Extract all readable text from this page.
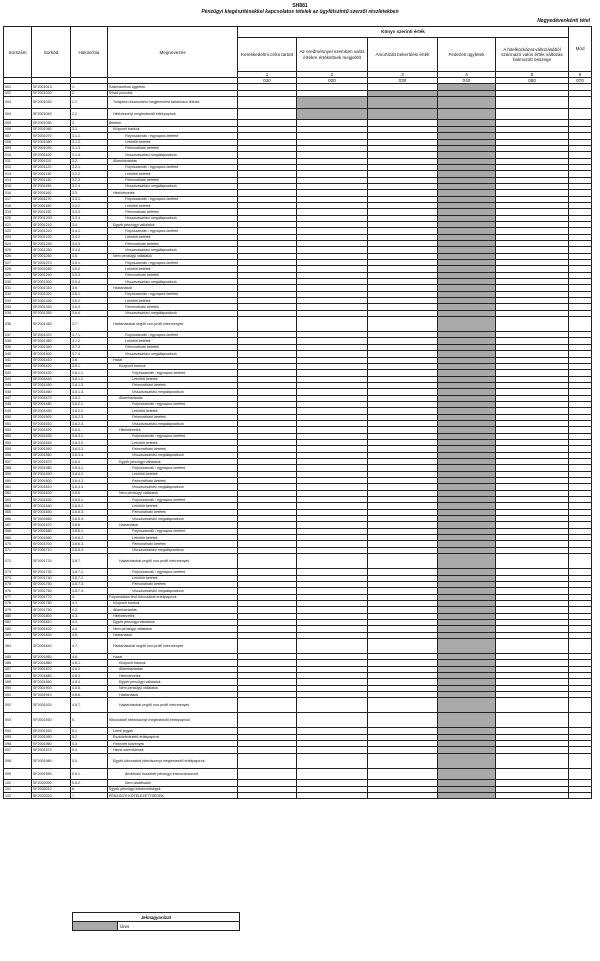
SH881
Pénzügyi kiegészítésekkel kapcsolatos tételek az ügyfélszintű szerzői részletekben
Negyedévenkénti tétel
Sorszám	Sorkód	Hierarchia	Megnevezés	Könyv szerinti érték					Mód
				Kereskedelmi célra tartott	Az eredménnyel szemben valós értékre értékeltnek megjelölt	Amortizált bekerülési érték	Fedezeti ügyletek	A hitelkockázat változásából származó valós érték változás halmozott összege	
				1	2	3	4	5	6
				010	020	030	040	050	070
001	SF2001013	1.	Származékos ügyletek						
002	SF2001020	2.	Rövid pozíciók						
003	SF2001030	2.1.	Tulajdoni részesedési megjelenítést tartalmazó tételek						
004	SF2001040	2.2.	Hitelviszonyt megtestesítő értékpapírok						
005	SF2001050	3.	Betétek						
006	SF2001060	3.1.	Központi bankok						
007	SF2001070	3.1.1.	Folyószámlák / egynapos betétek						
008	SF2001080	3.1.2.	Lekötött betétek						
009	SF2001090	3.1.3.	Felmondható betétek						
010	SF2001100	3.1.4.	Visszavásárlási megállapodások						
011	SF2001110	3.2.	Államháztartás						
012	SF2001120	3.2.1.	Folyószámlák / egynapos betétek						
013	SF2001130	3.2.2.	Lekötött betétek						
014	SF2001140	3.2.3.	Felmondható betétek						
015	SF2001150	3.2.4.	Visszavásárlási megállapodások						
016	SF2001160	3.3.	Hitelintézetek						
017	SF2001170	3.3.1.	Folyószámlák / egynapos betétek						
018	SF2001180	3.3.2.	Lekötött betétek						
019	SF2001190	3.3.3.	Felmondható betétek						
020	SF2001200	3.3.4.	Visszavásárlási megállapodások						
021	SF2001210	3.4.	Egyéb pénzügyi vállalatok						
022	SF2001220	3.4.1.	Folyószámlák / egynapos betétek						
023	SF2001230	3.4.2.	Lekötött betétek						
024	SF2001240	3.4.3.	Felmondható betétek						
025	SF2001250	3.4.4.	Visszavásárlási megállapodások						
026	SF2001260	3.5.	Nem pénzügyi vállalatok						
027	SF2001270	3.5.1.	Folyószámlák / egynapos betétek						
028	SF2001280	3.5.2.	Lekötött betétek						
029	SF2001290	3.5.3.	Felmondható betétek						
030	SF2001300	3.5.4.	Visszavásárlási megállapodások						
031	SF2001310	3.6.	Háztartások						
032	SF2001320	3.6.1.	Folyószámlák / egynapos betétek						
033	SF2001330	3.6.2.	Lekötött betétek						
034	SF2001340	3.6.3.	Felmondható betétek						
035	SF2001350	3.6.4.	Visszavásárlási megállapodások						
036	SF2001360	3.7.	Háztartásokat segítő non-profit intézmények						
037	SF2001370	3.7.1.	Folyószámlák / egynapos betétek						
038	SF2001380	3.7.2.	Lekötött betétek						
039	SF2001390	3.7.3.	Felmondható betétek						
040	SF2001400	3.7.4.	Visszavásárlási megállapodások						
041	SF2001410	3.8.	Hazai						
042	SF2001420	3.8.1.	Központi bankok						
043	SF2001430	3.8.1.1.	Folyószámlák / egynapos betétek						
044	SF2001440	3.8.1.2.	Lekötött betétek						
045	SF2001450	3.8.1.3.	Felmondható betétek						
046	SF2001460	3.8.1.4.	Visszavásárlási megállapodások						
047	SF2001470	3.8.2.	Államháztartás						
048	SF2001480	3.8.2.1.	Folyószámlák / egynapos betétek						
049	SF2001490	3.8.2.2.	Lekötött betétek						
050	SF2001500	3.8.2.3.	Felmondható betétek						
051	SF2001510	3.8.2.4.	Visszavásárlási megállapodások						
052	SF2001520	3.8.3.	Hitelintézetek						
053	SF2001530	3.8.3.1.	Folyószámlák / egynapos betétek						
054	SF2001540	3.8.3.2.	Lekötött betétek						
055	SF2001550	3.8.3.3.	Felmondható betétek						
056	SF2001560	3.8.3.4.	Visszavásárlási megállapodások						
057	SF2001570	3.8.4.	Egyéb pénzügyi vállalatok						
058	SF2001580	3.8.4.1.	Folyószámlák / egynapos betétek						
059	SF2001590	3.8.4.2.	Lekötött betétek						
060	SF2001600	3.8.4.3.	Felmondható betétek						
061	SF2001610	3.8.4.4.	Visszavásárlási megállapodások						
062	SF2001620	3.8.5.	Nem pénzügyi vállalatok						
063	SF2001630	3.8.5.1.	Folyószámlák / egynapos betétek						
064	SF2001640	3.8.5.2.	Lekötött betétek						
065	SF2001650	3.8.5.3.	Felmondható betétek						
066	SF2001660	3.8.5.4.	Visszavásárlási megállapodások						
067	SF2001670	3.8.6.	Háztartások						
068	SF2001680	3.8.6.1.	Folyószámlák / egynapos betétek						
069	SF2001690	3.8.6.2.	Lekötött betétek						
070	SF2001700	3.8.6.3.	Felmondható betétek						
071	SF2001710	3.8.6.4.	Visszavásárlási megállapodások						
072	SF2001720	3.8.7.	Háztartásokat segítő non-profit intézmények						
073	SF2001730	3.8.7.1.	Folyószámlák / egynapos betétek						
074	SF2001740	3.8.7.2.	Lekötött betétek						
075	SF2001750	3.8.7.3.	Felmondható betétek						
076	SF2001760	3.8.7.4.	Visszavásárlási megállapodások						
077	SF2001770	4.	Folyamatban lévő kibocsátott értékpapírok						
078	SF2001780	4.1.	Központi bankok						
079	SF2001790	4.2.	Államháztartás						
080	SF2001800	4.3.	Hitelintézetek						
081	SF2001810	4.4.	Egyéb pénzügyi vállalatok						
082	SF2001820	4.5.	Nem pénzügyi vállalatok						
083	SF2001830	4.6.	Háztartások						
084	SF2001840	4.7.	Háztartásokat segítő non-profit intézmények						
085	SF2001850	4.8.	Hazai						
086	SF2001860	4.8.1.	Központi bankok						
087	SF2001870	4.8.2.	Államháztartás						
088	SF2001880	4.8.3.	Hitelintézetek						
089	SF2001890	4.8.4.	Egyéb pénzügyi vállalatok						
090	SF2001900	4.8.5.	Nem pénzügyi vállalatok						
091	SF2001910	4.8.6.	Háztartások						
092	SF2001920	4.8.7.	Háztartásokat segítő non-profit intézmények						
093	SF2001930	5.	Kibocsátott hitelviszonyt megtestesítő értékpapírok						
094	SF2001940	5.1.	Letéti jegyek						
095	SF2001950	5.2.	Eszközfedezetű értékpapírok						
096	SF2001960	5.3.	Fedezett kötvények						
097	SF2001970	5.4.	Hibrid szerződések						
098	SF2001980	5.5.	Egyéb kibocsátott hitelviszonyt megtestesítő értékpapírok						
099	SF2001990	5.5.1.	Átváltható összetett pénzügyi instrumentumok						
100	SF2002000	5.5.2.	Nem átválthatók						
101	SF2002010	6.	Egyéb pénzügyi kötelezettségek						
102	SF2002020	7.	PÉNZÜGYI KÖTELEZETTSÉGEK						
Jelmagyarázat
	Üres
